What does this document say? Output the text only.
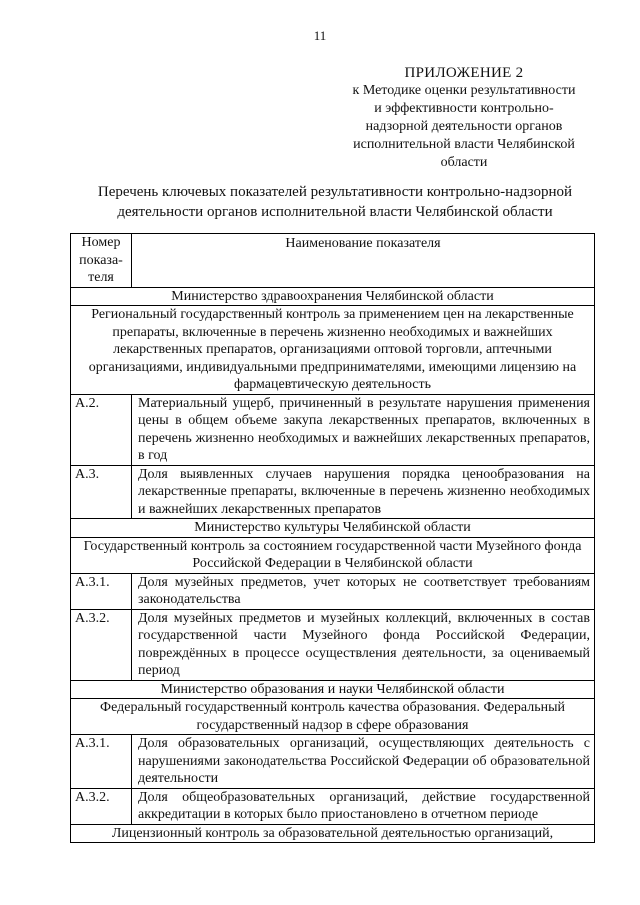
11
ПРИЛОЖЕНИЕ 2
к Методике оценки результативности
и эффективности контрольно-
надзорной деятельности органов
исполнительной власти Челябинской
области
Перечень ключевых показателей результативности контрольно-надзорной
деятельности органов исполнительной власти Челябинской области
Номер
показа-
теля	Наименование показателя
Министерство здравоохранения Челябинской области	
Региональный государственный контроль за применением цен на лекарственные препараты, включенные в перечень жизненно необходимых и важнейших лекарственных препаратов, организациями оптовой торговли, аптечными организациями, индивидуальными предпринимателями, имеющими лицензию на фармацевтическую деятельность	
А.2.	Материальный ущерб, причиненный в результате нарушения применения цены в общем объеме закупа лекарственных препаратов, включенных в перечень жизненно необходимых и важнейших лекарственных препаратов, в год
А.3.	Доля выявленных случаев нарушения порядка ценообразования на лекарственные препараты, включенные в перечень жизненно необходимых и важнейших лекарственных препаратов
Министерство культуры Челябинской области	
Государственный контроль за состоянием государственной части Музейного фонда Российской Федерации в Челябинской области	
А.3.1.	Доля музейных предметов, учет которых не соответствует требованиям законодательства
А.3.2.	Доля музейных предметов и музейных коллекций, включенных в состав государственной части Музейного фонда Российской Федерации, повреждённых в процессе осуществления деятельности, за оцениваемый период
Министерство образования и науки Челябинской области	
Федеральный государственный контроль качества образования. Федеральный государственный надзор в сфере образования	
А.3.1.	Доля образовательных организаций, осуществляющих деятельность с нарушениями законодательства Российской Федерации об образовательной деятельности
А.3.2.	Доля общеобразовательных организаций, действие государственной аккредитации в которых было приостановлено в отчетном периоде
Лицензионный контроль за образовательной деятельностью организаций,	
